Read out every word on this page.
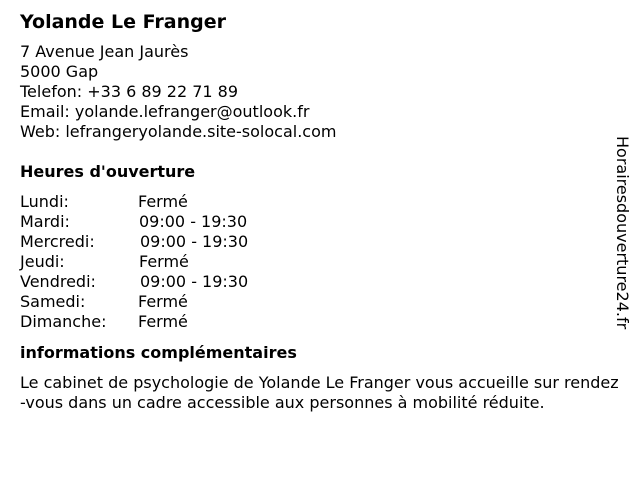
Yolande Le Franger
7 Avenue Jean Jaurès
5000 Gap
Telefon: +33 6 89 22 71 89
Email: yolande.lefranger@outlook.fr
Web: lefrangeryolande.site-solocal.com
Heures d'ouverture
Lundi:	Fermé
Mardi:	09:00 - 19:30
Mercredi:	09:00 - 19:30
Jeudi:	Fermé
Vendredi:	09:00 - 19:30
Samedi:	Fermé
Dimanche: Fermé
informations complémentaires
Le cabinet de psychologie de Yolande Le Franger vous accueille sur rendez-vous dans un cadre accessible aux personnes à mobilité réduite.
Horairesdouverture24.fr
